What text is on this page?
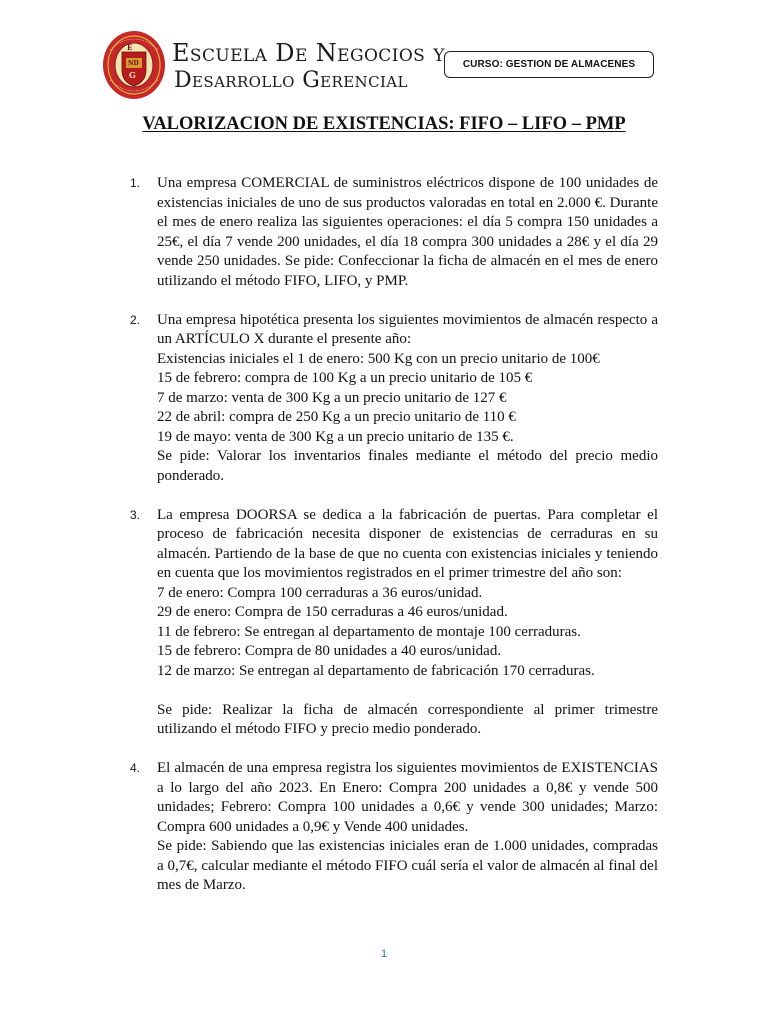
ND
G
E Escuela De Negocios y
Desarrollo Gerencial
CURSO: GESTION DE ALMACENES
VALORIZACION DE EXISTENCIAS: FIFO – LIFO – PMP
1. Una empresa COMERCIAL de suministros eléctricos dispone de 100 unidades de existencias iniciales de uno de sus productos valoradas en total en 2.000 €. Durante el mes de enero realiza las siguientes operaciones: el día 5 compra 150 unidades a 25€, el día 7 vende 200 unidades, el día 18 compra 300 unidades a 28€ y el día 29 vende 250 unidades. Se pide: Confeccionar la ficha de almacén en el mes de enero utilizando el método FIFO, LIFO, y PMP.

2. Una empresa hipotética presenta los siguientes movimientos de almacén respecto a un ARTÍCULO X durante el presente año:

Existencias iniciales el 1 de enero: 500 Kg con un precio unitario de 100€

15 de febrero: compra de 100 Kg a un precio unitario de 105 €

7 de marzo: venta de 300 Kg a un precio unitario de 127 €

22 de abril: compra de 250 Kg a un precio unitario de 110 €

19 de mayo: venta de 300 Kg a un precio unitario de 135 €.

Se pide: Valorar los inventarios finales mediante el método del precio medio ponderado.

3. La empresa DOORSA se dedica a la fabricación de puertas. Para completar el proceso de fabricación necesita disponer de existencias de cerraduras en su almacén. Partiendo de la base de que no cuenta con existencias iniciales y teniendo en cuenta que los movimientos registrados en el primer trimestre del año son:

7 de enero: Compra 100 cerraduras a 36 euros/unidad.

29 de enero: Compra de 150 cerraduras a 46 euros/unidad.

11 de febrero: Se entregan al departamento de montaje 100 cerraduras.

15 de febrero: Compra de 80 unidades a 40 euros/unidad.

12 de marzo: Se entregan al departamento de fabricación 170 cerraduras.

Se pide: Realizar la ficha de almacén correspondiente al primer trimestre utilizando el método FIFO y precio medio ponderado.

4. El almacén de una empresa registra los siguientes movimientos de EXISTENCIAS a lo largo del año 2023. En Enero: Compra 200 unidades a 0,8€ y vende 500 unidades; Febrero: Compra 100 unidades a 0,6€ y vende 300 unidades; Marzo: Compra 600 unidades a 0,9€ y Vende 400 unidades.

Se pide: Sabiendo que las existencias iniciales eran de 1.000 unidades, compradas a 0,7€, calcular mediante el método FIFO cuál sería el valor de almacén al final del mes de Marzo.

1
